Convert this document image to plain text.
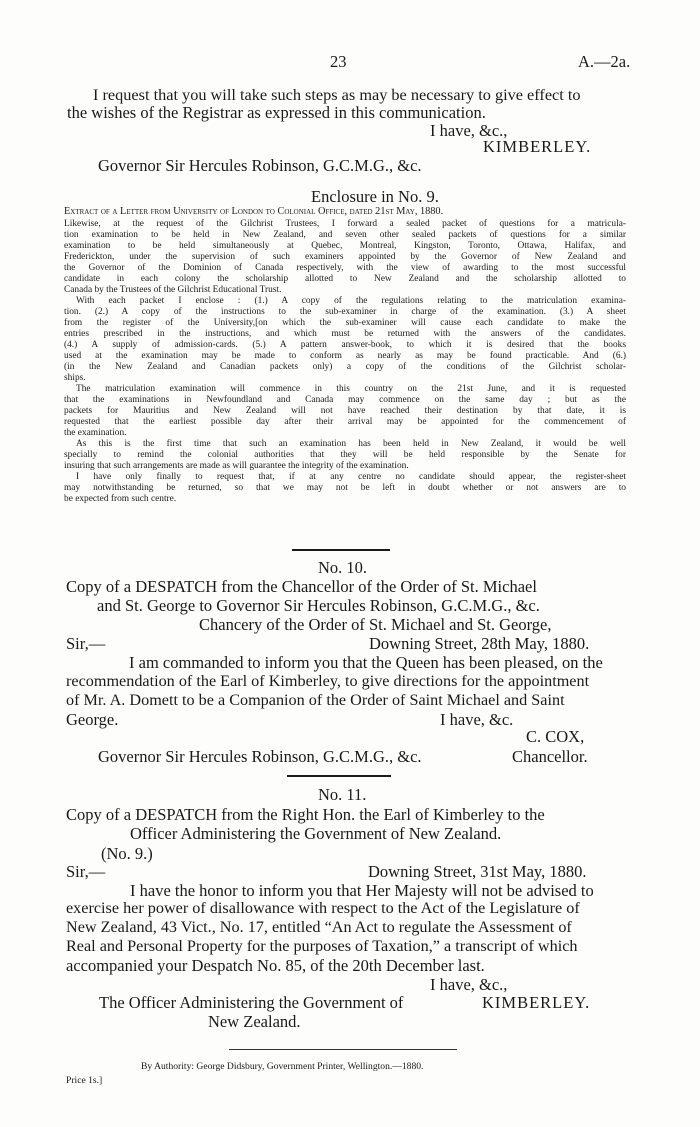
23	A.—2a.
I request that you will take such steps as may be necessary to give effect to
the wishes of the Registrar as expressed in this communication.
I have, &c.,
KIMBERLEY.
Governor Sir Hercules Robinson, G.C.M.G., &c.
Enclosure in No. 9.
Extract of a Letter from University of London to Colonial Office, dated 21st May, 1880.

Likewise, at the request of the Gilchrist Trustees, I forward a sealed packet of questions for a matricula-

tion examination to be held in New Zealand, and seven other sealed packets of questions for a similar

examination to be held simultaneously at Quebec, Montreal, Kingston, Toronto, Ottawa, Halifax, and

Frederickton, under the supervision of such examiners appointed by the Governor of New Zealand and

the Governor of the Dominion of Canada respectively, with the view of awarding to the most successful

candidate in each colony the scholarship allotted to New Zealand and the scholarship allotted to

Canada by the Trustees of the Gilchrist Educational Trust.

With each packet I enclose : (1.) A copy of the regulations relating to the matriculation examina-

tion. (2.) A copy of the instructions to the sub-examiner in charge of the examination. (3.) A sheet

from the register of the University,[on which the sub-examiner will cause each candidate to make the

entries prescribed in the instructions, and which must be returned with the answers of the candidates.

(4.) A supply of admission-cards. (5.) A pattern answer-book, to which it is desired that the books

used at the examination may be made to conform as nearly as may be found practicable. And (6.)

(in the New Zealand and Canadian packets only) a copy of the conditions of the Gilchrist scholar-

ships.

The matriculation examination will commence in this country on the 21st June, and it is requested

that the examinations in Newfoundland and Canada may commence on the same day ; but as the

packets for Mauritius and New Zealand will not have reached their destination by that date, it is

requested that the earliest possible day after their arrival may be appointed for the commencement of

the examination.

As this is the first time that such an examination has been held in New Zealand, it would be well

specially to remind the colonial authorities that they will be held responsible by the Senate for

insuring that such arrangements are made as will guarantee the integrity of the examination.

I have only finally to request that, if at any centre no candidate should appear, the register-sheet

may notwithstanding be returned, so that we may not be left in doubt whether or not answers are to

be expected from such centre.

No. 10.
Copy of a DESPATCH from the Chancellor of the Order of St. Michael
and St. George to Governor Sir Hercules Robinson, G.C.M.G., &c.
Chancery of the Order of St. Michael and St. George,
Sir,—	Downing Street, 28th May, 1880.
I am commanded to inform you that the Queen has been pleased, on the
recommendation of the Earl of Kimberley, to give directions for the appointment
of Mr. A. Domett to be a Companion of the Order of Saint Michael and Saint
George.	I have, &c.
C. COX,
Governor Sir Hercules Robinson, G.C.M.G., &c.	Chancellor.
No. 11.
Copy of a DESPATCH from the Right Hon. the Earl of Kimberley to the
Officer Administering the Government of New Zealand.
(No. 9.)
Sir,—	Downing Street, 31st May, 1880.
I have the honor to inform you that Her Majesty will not be advised to
exercise her power of disallowance with respect to the Act of the Legislature of
New Zealand, 43 Vict., No. 17, entitled “An Act to regulate the Assessment of
Real and Personal Property for the purposes of Taxation,” a transcript of which
accompanied your Despatch No. 85, of the 20th December last.
I have, &c.,
The Officer Administering the Government of	KIMBERLEY.
New Zealand.
By Authority: George Didsbury, Government Printer, Wellington.—1880.
Price 1s.]
